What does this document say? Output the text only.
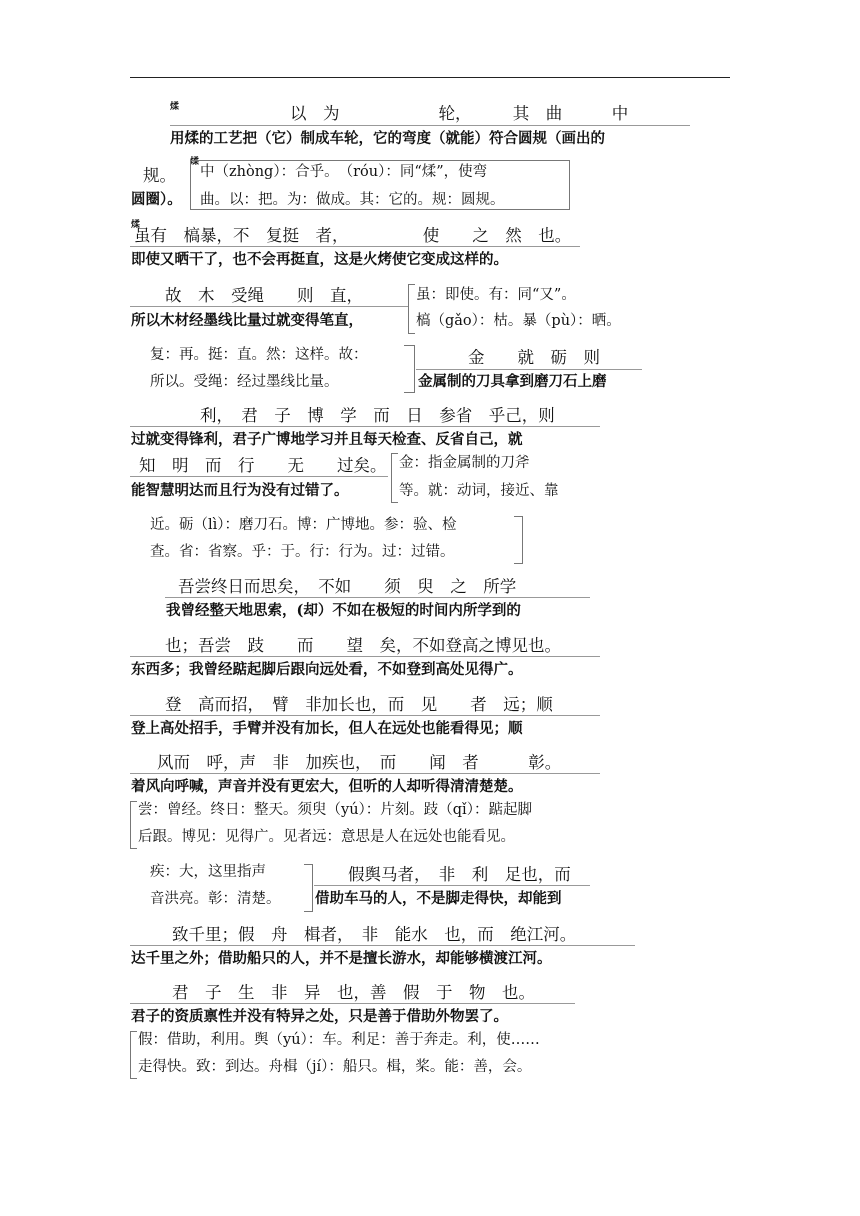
煣	以　为　　　　　　轮，　　　其　曲　　　中
用煣的工艺把（它）制成车轮，它的弯度（就能）符合圆规（画出的
规。
煣
中（zhòng）：合乎。　（róu）：同“煣”，使弯
圆圈）。 曲。以：把。为：做成。其：它的。规：圆规。
煣
虽有　槁暴，不　复挺　者，　　　　　使　　之　然　也。
即使又晒干了，也不会再挺直，这是火烤使它变成这样的。
故　木　受绳　　则　直，	虽：即使。有：同“又”。
所以木材经墨线比量过就变得笔直，	槁（gǎo）：枯。暴（pù）：晒。
复：再。挺：直。然：这样。故：	金　　就　砺　则
所以。受绳：经过墨线比量。	金属制的刀具拿到磨刀石上磨
利，　君　子　博　学　而　日　参省　乎己，则
过就变得锋利，君子广博地学习并且每天检查、反省自己，就
知　明　而　行　　无　　过矣。 金：指金属制的刀斧
能智慧明达而且行为没有过错了。	等。就：动词，接近、靠
近。砺（lì）：磨刀石。博：广博地。参：验、检
查。省：省察。乎：于。行：行为。过：过错。
吾尝终日而思矣，　不如　　须　臾　之　所学
我曾经整天地思索，(却）不如在极短的时间内所学到的
也；吾尝　跂　　而　　望　矣，不如登高之博见也。
东西多；我曾经踮起脚后跟向远处看，不如登到高处见得广。
登　高而招，　臂　非加长也，而　见　　者　远；顺
登上高处招手，手臂并没有加长，但人在远处也能看得见；顺
风而　呼，声　非　加疾也，　而　　闻　者　　　彰。
着风向呼喊，声音并没有更宏大，但听的人却听得清清楚楚。
尝：曾经。终日：整天。须臾（yú）：片刻。跂（qǐ）：踮起脚
后跟。博见：见得广。见者远：意思是人在远处也能看见。
疾：大，这里指声	假舆马者，　非　利　足也，而
音洪亮。彰：清楚。 借助车马的人，不是脚走得快，却能到
致千里；假　舟　楫者，　非　能水　也，而　绝江河。
达千里之外；借助船只的人，并不是擅长游水，却能够横渡江河。
君　子　生　非　异　也，善　假　于　物　也。
君子的资质禀性并没有特异之处，只是善于借助外物罢了。
假：借助，利用。舆（yú）：车。利足：善于奔走。利，使……
走得快。致：到达。舟楫（jí）：船只。楫，桨。能：善，会。
